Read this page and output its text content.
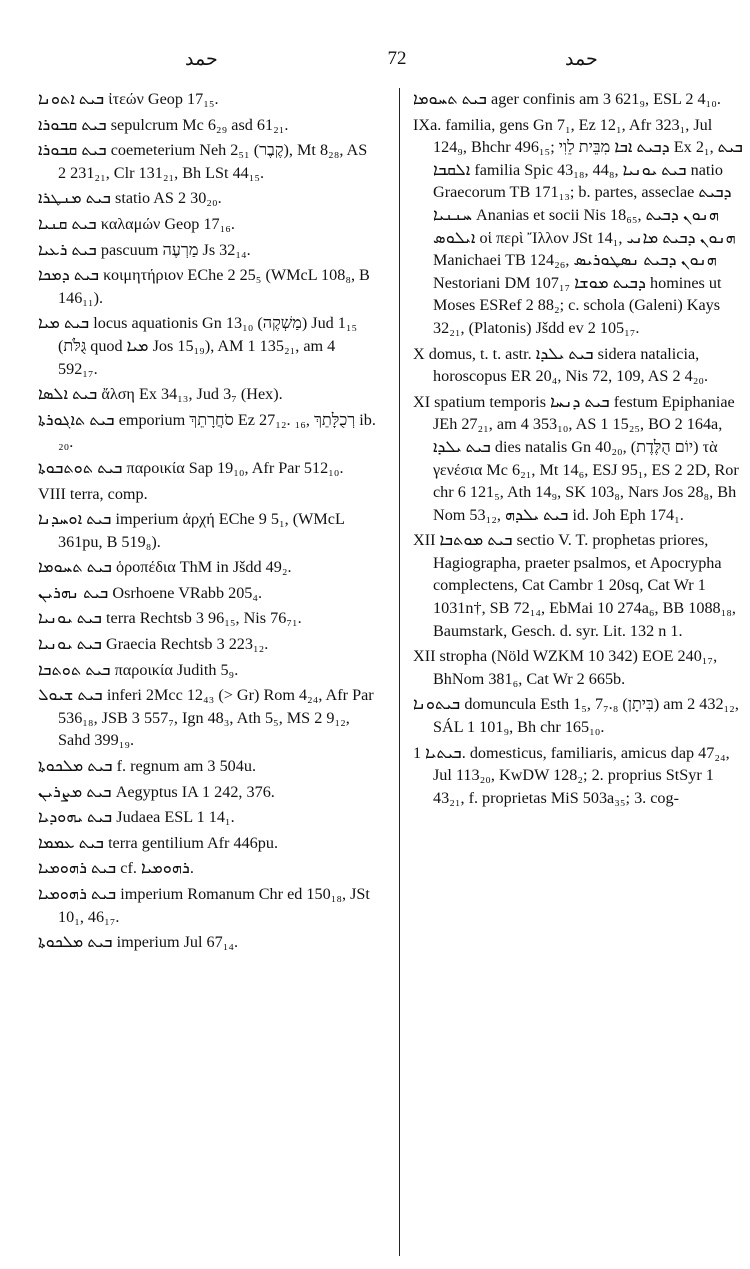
حمد	72	حمد

ܒܝܬ ܐܬܘܢܐ ἰτεών Geop 17₁₅.

ܒܝܬ ܩܒܘܪܐ sepulcrum Mc 6₂₉ asd 61₂₁.

ܒܝܬ ܩܒܘܪܐ coemeterium Neh 2₅₁ (קֶבֶר), Mt 8₂₈, AS 2 231₂₁, Clr 131₂₁, Bh LSt 44₁₅.

ܒܝܬ ܡܢܛܪܐ statio AS 2 30₂₀.

ܒܝܬ ܩܢܝܐ καλαμών Geop 17₁₆.

ܒܝܬ ܪܥܝܐ pascuum מַרְעֶה Js 32₁₄.

ܒܝܬ ܕܡܟܐ κοιμητήριον EChe 2 25₅ (WMcL 108₈, B 146₁₁).

ܒܝܬ ܡܝܐ locus aquationis Gn 13₁₀ (מַשְׁקֶה) Jud 1₁₅ (גֻּלֹּת quod ܡܝܐ Jos 15₁₉), AM 1 135₂₁, am 4 592₁₇.

ܒܝܬ ܐܠܣܐ ἄλση Ex 34₁₃, Jud 3₇ (Hex).

ܒܝܬ ܬܐܓܘܪܬܐ emporium סֹחֲרָתֵךְ Ez 27₁₂. ₁₆, רְכֻלָּתֵךְ ib. ₂₀.

ܒܝܬ ܬܘܬܒܘܬܐ παροικία Sap 19₁₀, Afr Par 512₁₀.

VIII terra, comp.

ܒܝܬ ܐܘܚܕܢܐ imperium ἀρχή EChe 9 5₁, (WMcL 361pu, B 519₈).

ܒܝܬ ܬܚܘܡܐ ὁροπέδια ThM in Jšdd 49₂.

ܒܝܬ ܢܗܪܝܢ Osrhoene VRabb 205₄.

ܒܝܬ ܝܘܢܝܐ terra Rechtsb 3 96₁₅, Nis 76₇₁.

ܒܝܬ ܝܘܢܝܐ Graecia Rechtsb 3 223₁₂.

ܒܝܬ ܬܘܬܒܐ παροικία Judith 5₉.

ܒܝܬ ܫܝܘܠ inferi 2Mcc 12₄₃ (> Gr) Rom 4₂₄, Afr Par 536₁₈, JSB 3 557₇, Ign 48₃, Ath 5₅, MS 2 9₁₂, Sahd 399₁₉.

ܒܝܬ ܡܠܟܘܬܐ f. regnum am 3 504u.

ܒܝܬ ܡܨܪܝܢ Aegyptus IA 1 242, 376.

ܒܝܬ ܝܗܘܕܝܐ Judaea ESL 1 14₁.

ܒܝܬ ܥܡܡܐ terra gentilium Afr 446pu.

ܒܝܬ ܪܗܘܡܝܐ cf. ܪܗܘܡܝܐ.

ܒܝܬ ܪܗܘܡܝܐ imperium Romanum Chr ed 150₁₈, JSt 10₁, 46₁₇.

ܒܝܬ ܡܠܟܘܬܐ imperium Jul 67₁₄.

ܒܝܬ ܬܚܘܡܐ ager confinis am 3 621₉, ESL 2 4₁₀.

IXa. familia, gens Gn 7₁, Ez 12₁, Afr 323₁, Jul 124₉, Bhchr 496₁₅; ܕܒܝܬ ܐܒܐ מִבֵּית לֵוִי Ex 2₁, ܒܝܬ ܐܠܩܒܐ familia Spic 43₁₈, 44₈, ܒܝܬ ܝܘܢܝܐ natio Graecorum TB 171₁₃; b. partes, asseclae ܕܒܝܬ ܚܢܢܝܐ Ananias et socii Nis 18₆₅, ܗܢܘܢ ܕܒܝܬ ܐܝܠܘܣ οἱ περὶ Ἴλλον JSt 14₁, ܗܢܘܢ ܕܒܝܬ ܡܐܢܝ Manichaei TB 124₂₆, ܗܢܘܢ ܕܒܝܬ ܢܣܛܘܪܝܣ Nestoriani DM 107₁₇ ܕܒܝܬ ܡܘܫܐ homines ut Moses ESRef 2 88₂; c. schola (Galeni) Kays 32₂₁, (Platonis) Jšdd ev 2 105₁₇.

X domus, t. t. astr. ܒܝܬ ܝܠܕܐ sidera natalicia, horoscopus ER 20₄, Nis 72, 109, AS 2 4₂₀.

XI spatium temporis ܒܝܬ ܕܢܚܐ festum Epiphaniae JEh 27₂₁, am 4 353₁₀, AS 1 15₂₅, BO 2 164a, ܒܝܬ ܝܠܕܐ dies natalis Gn 40₂₀, (יוֹם הֻלֶּדֶת) τὰ γενέσια Mc 6₂₁, Mt 14₆, ESJ 95₁, ES 2 2D, Ror chr 6 121₅, Ath 14₉, SK 103₈, Nars Jos 28₈, Bh Nom 53₁₂, ܒܝܬ ܝܠܕܗ id. Joh Eph 174₁.

XII ܒܝܬ ܡܘܬܒܐ sectio V. T. prophetas priores, Hagiographa, praeter psalmos, et Apocrypha complectens, Cat Cambr 1 20sq, Cat Wr 1 1031n†, SB 72₁₄, EbMai 10 274a₆, BB 1088₁₈, Baumstark, Gesch. d. syr. Lit. 132 n 1.

XII stropha (Nöld WZKM 10 342) EOE 240₁₇, BhNom 381₆, Cat Wr 2 665b.

ܒܝܬܘܢܐ domuncula Esth 1₅, 7₇.₈ (בִּיתָן) am 2 432₁₂, SÁL 1 101₉, Bh chr 165₁₀.

ܒܝܬܝܐ 1. domesticus, familiaris, amicus dap 47₂₄, Jul 113₂₀, KwDW 128₂; 2. proprius StSyr 1 43₂₁, f. proprietas MiS 503a₃₅; 3. cog-
